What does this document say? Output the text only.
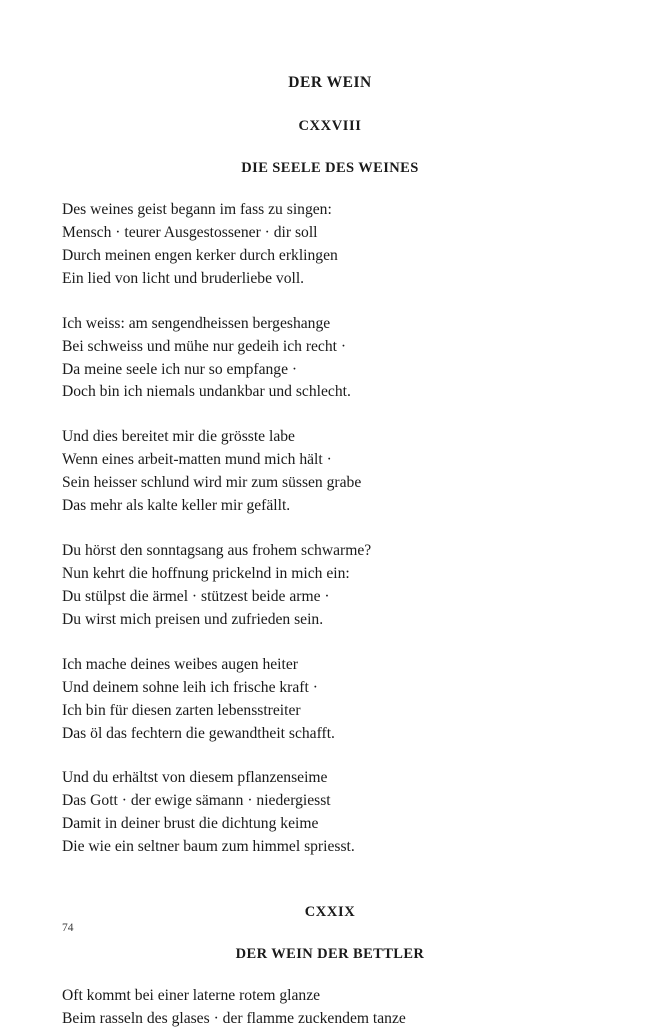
DER WEIN
CXXVIII
DIE SEELE DES WEINES
Des weines geist begann im fass zu singen:
Mensch · teurer Ausgestossener · dir soll
Durch meinen engen kerker durch erklingen
Ein lied von licht und bruderliebe voll.
Ich weiss: am sengendheissen bergeshange
Bei schweiss und mühe nur gedeih ich recht ·
Da meine seele ich nur so empfange ·
Doch bin ich niemals undankbar und schlecht.
Und dies bereitet mir die grösste labe
Wenn eines arbeit-matten mund mich hält ·
Sein heisser schlund wird mir zum süssen grabe
Das mehr als kalte keller mir gefällt.
Du hörst den sonntagsang aus frohem schwarme?
Nun kehrt die hoffnung prickelnd in mich ein:
Du stülpst die ärmel · stützest beide arme ·
Du wirst mich preisen und zufrieden sein.
Ich mache deines weibes augen heiter
Und deinem sohne leih ich frische kraft ·
Ich bin für diesen zarten lebensstreiter
Das öl das fechtern die gewandtheit schafft.
Und du erhältst von diesem pflanzenseime
Das Gott · der ewige sämann · niedergiesst
Damit in deiner brust die dichtung keime
Die wie ein seltner baum zum himmel spriesst.
CXXIX
DER WEIN DER BETTLER
Oft kommt bei einer laterne rotem glanze
Beim rasseln des glases · der flamme zuckendem tanze
74
